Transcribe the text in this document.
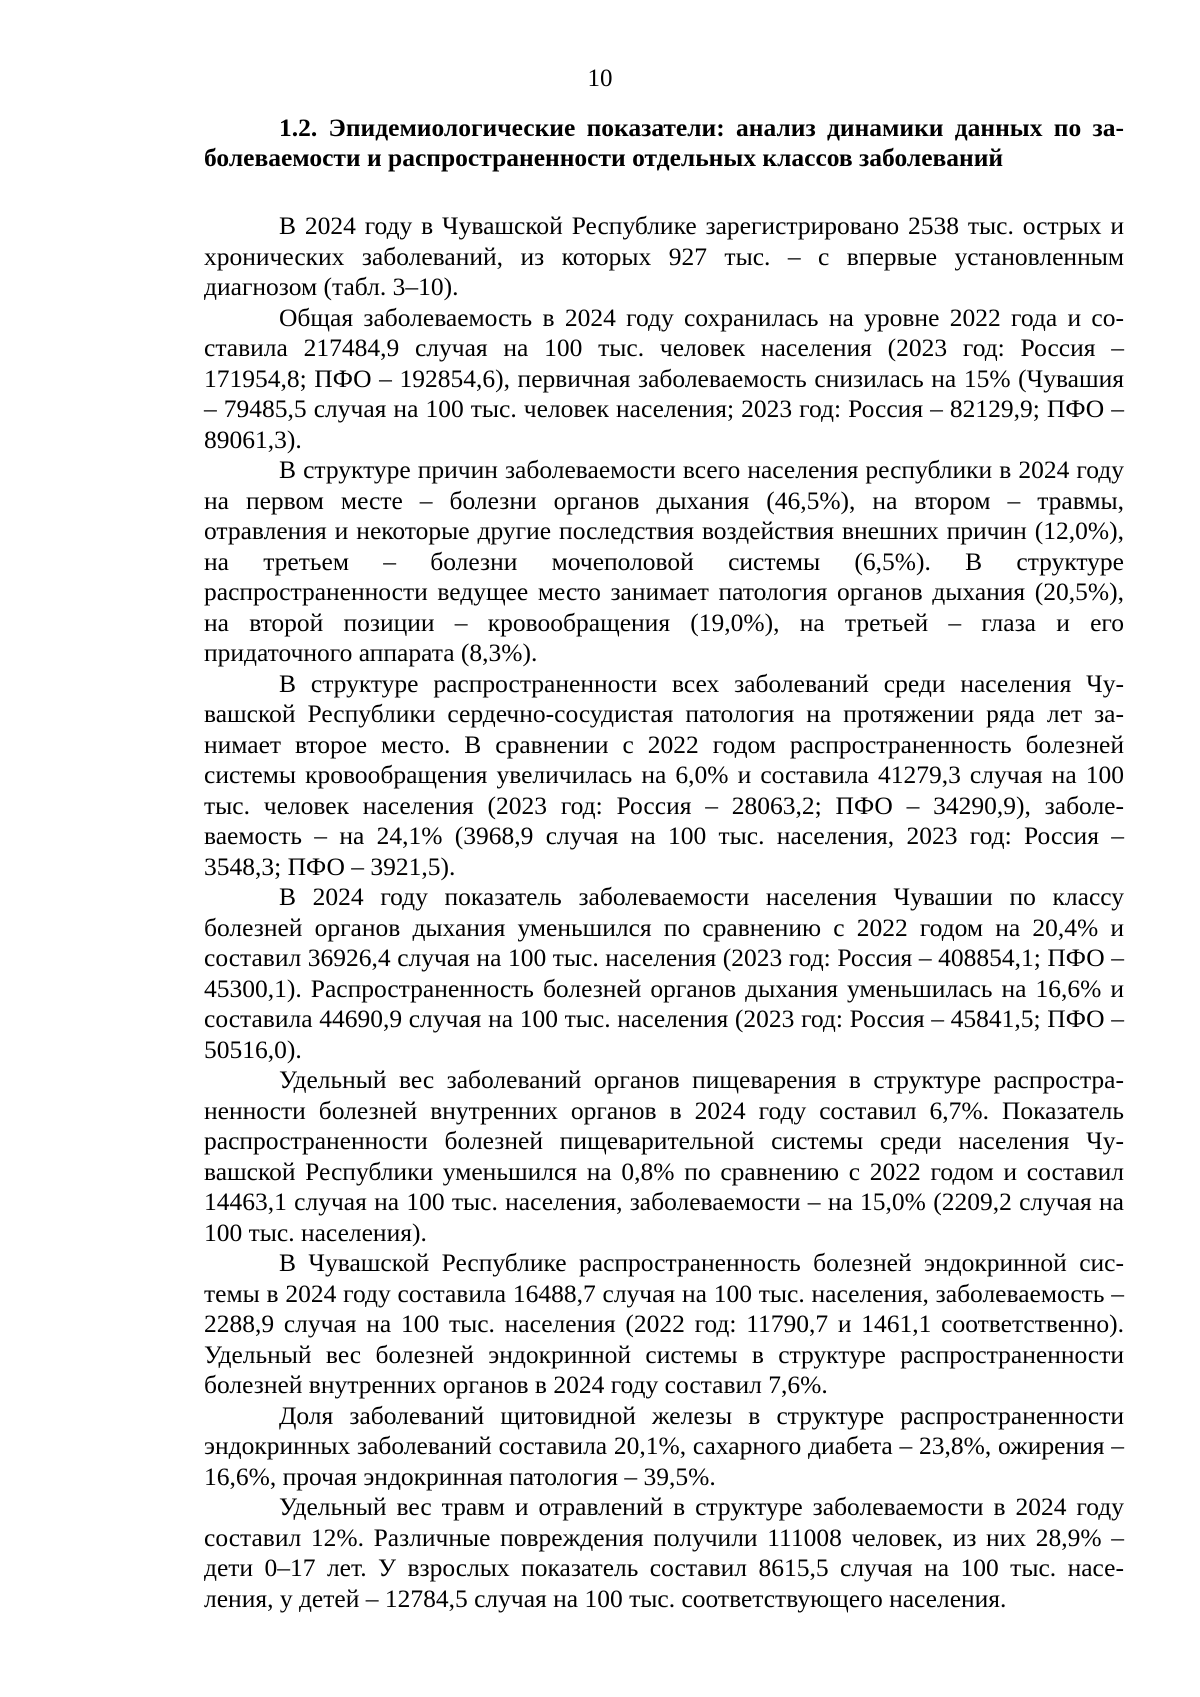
10
1.2. Эпидемиологические показатели: анализ динамики данных по заболеваемости и распространенности отдельных классов заболеваний

В 2024 году в Чувашской Республике зарегистрировано 2538 тыс. острых и хронических заболеваний, из которых 927 тыс. – с впервые установленным диагнозом (табл. 3–10).

Общая заболеваемость в 2024 году сохранилась на уровне 2022 года и составила 217484,9 случая на 100 тыс. человек населения (2023 год: Россия – 171954,8; ПФО – 192854,6), первичная заболеваемость снизилась на 15% (Чувашия – 79485,5 случая на 100 тыс. человек населения; 2023 год: Россия – 82129,9; ПФО – 89061,3).

В структуре причин заболеваемости всего населения республики в 2024 году на первом месте – болезни органов дыхания (46,5%), на втором – травмы, отравления и некоторые другие последствия воздействия внешних причин (12,0%), на третьем – болезни мочеполовой системы (6,5%). В структуре распространенности ведущее место занимает патология органов дыхания (20,5%), на второй позиции – кровообращения (19,0%), на третьей – глаза и его придаточного аппарата (8,3%).

В структуре распространенности всех заболеваний среди населения Чувашской Республики сердечно-сосудистая патология на протяжении ряда лет занимает второе место. В сравнении с 2022 годом распространенность болезней системы кровообращения увеличилась на 6,0% и составила 41279,3 случая на 100 тыс. человек населения (2023 год: Россия – 28063,2; ПФО – 34290,9), заболеваемость – на 24,1% (3968,9 случая на 100 тыс. населения, 2023 год: Россия – 3548,3; ПФО – 3921,5).

В 2024 году показатель заболеваемости населения Чувашии по классу болезней органов дыхания уменьшился по сравнению с 2022 годом на 20,4% и составил 36926,4 случая на 100 тыс. населения (2023 год: Россия – 408854,1; ПФО – 45300,1). Распространенность болезней органов дыхания уменьшилась на 16,6% и составила 44690,9 случая на 100 тыс. населения (2023 год: Россия – 45841,5; ПФО – 50516,0).

Удельный вес заболеваний органов пищеварения в структуре распространенности болезней внутренних органов в 2024 году составил 6,7%. Показатель распространенности болезней пищеварительной системы среди населения Чувашской Республики уменьшился на 0,8% по сравнению с 2022 годом и составил 14463,1 случая на 100 тыс. населения, заболеваемости – на 15,0% (2209,2 случая на 100 тыс. населения).

В Чувашской Республике распространенность болезней эндокринной системы в 2024 году составила 16488,7 случая на 100 тыс. населения, заболеваемость – 2288,9 случая на 100 тыс. населения (2022 год: 11790,7 и 1461,1 соответственно). Удельный вес болезней эндокринной системы в структуре распространенности болезней внутренних органов в 2024 году составил 7,6%.

Доля заболеваний щитовидной железы в структуре распространенности эндокринных заболеваний составила 20,1%, сахарного диабета – 23,8%, ожирения – 16,6%, прочая эндокринная патология – 39,5%.

Удельный вес травм и отравлений в структуре заболеваемости в 2024 году составил 12%. Различные повреждения получили 111008 человек, из них 28,9% – дети 0–17 лет. У взрослых показатель составил 8615,5 случая на 100 тыс. населения, у детей – 12784,5 случая на 100 тыс. соответствующего населения.
